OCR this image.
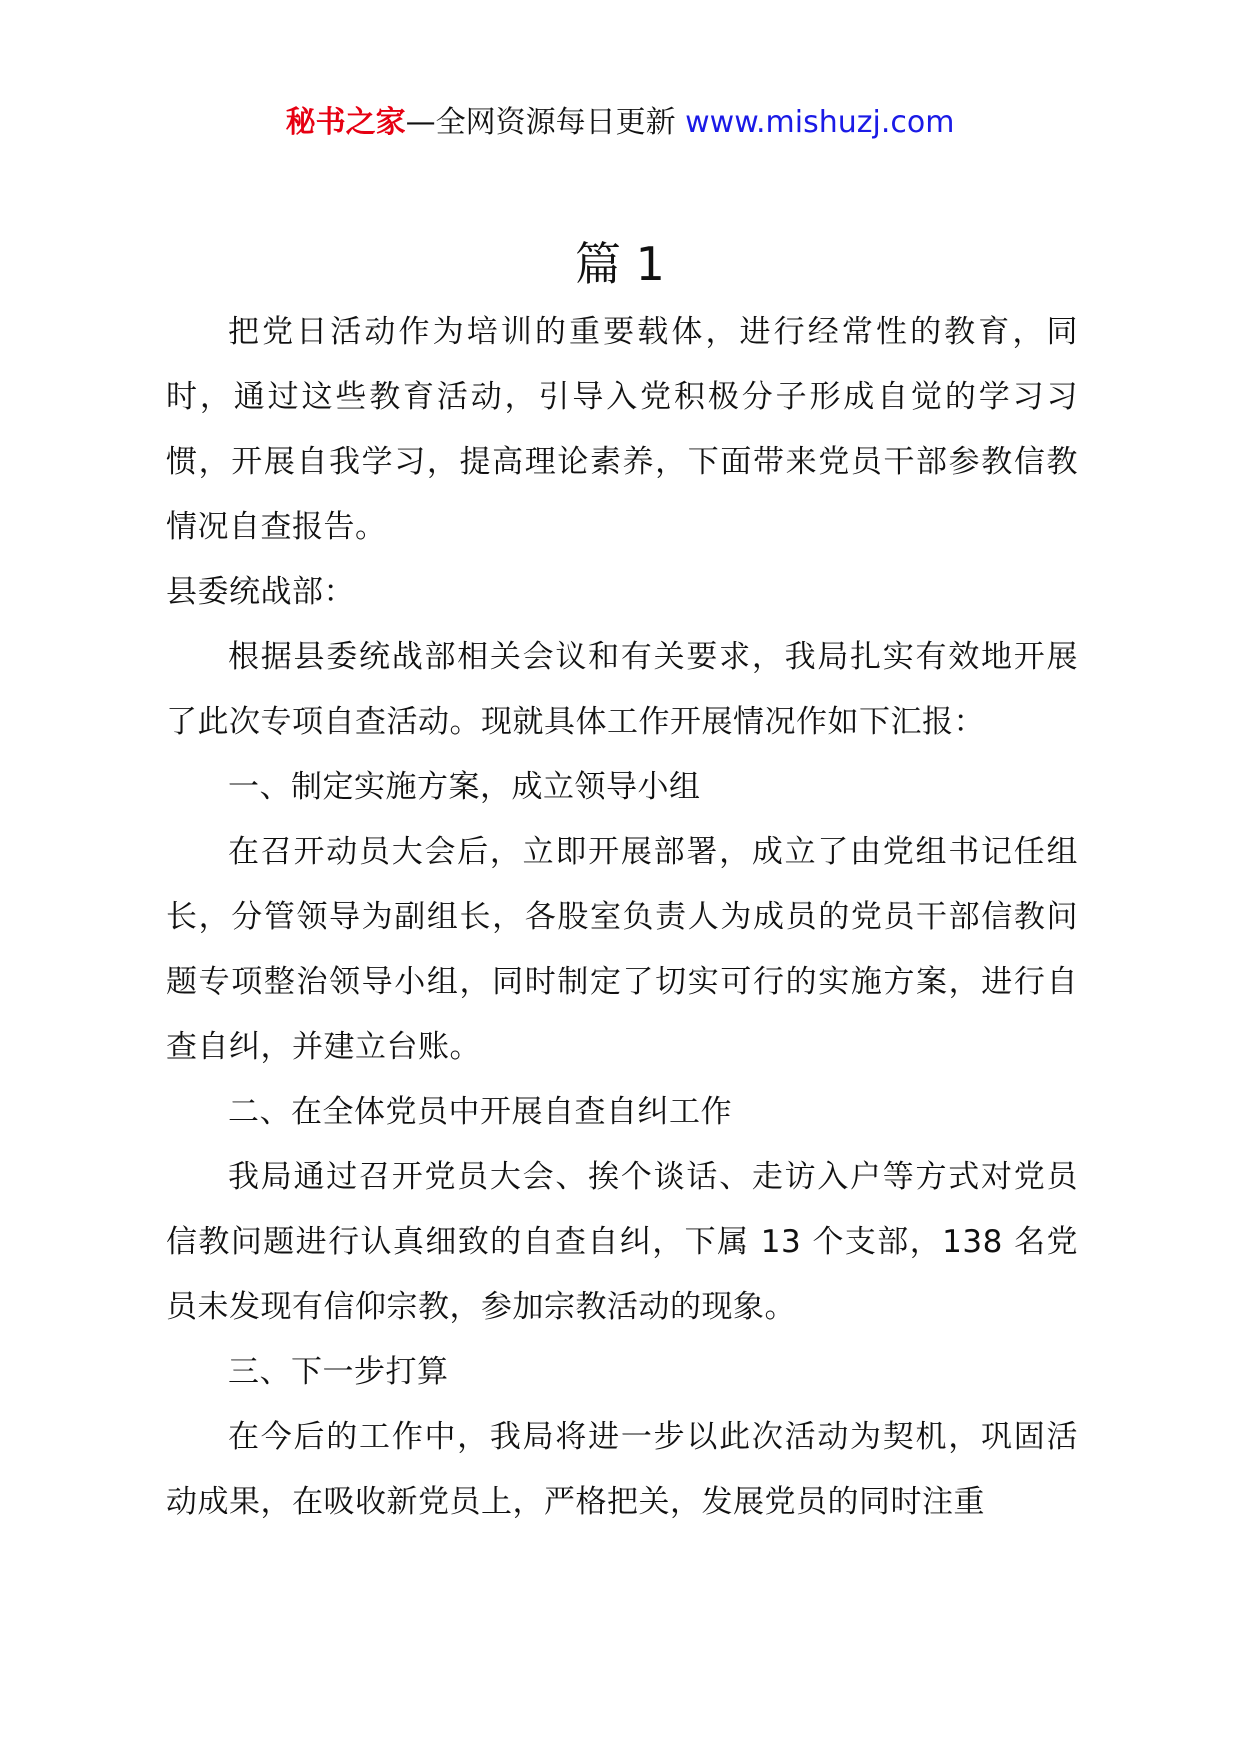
秘书之家—全网资源每日更新 www.mishuzj.com
篇 1

把党日活动作为培训的重要载体，进行经常性的教育，同时，通过这些教育活动，引导入党积极分子形成自觉的学习习惯，开展自我学习，提高理论素养，下面带来党员干部参教信教情况自查报告。

县委统战部：

根据县委统战部相关会议和有关要求，我局扎实有效地开展了此次专项自查活动。现就具体工作开展情况作如下汇报：

一、制定实施方案，成立领导小组

在召开动员大会后，立即开展部署，成立了由党组书记任组长，分管领导为副组长，各股室负责人为成员的党员干部信教问题专项整治领导小组，同时制定了切实可行的实施方案，进行自查自纠，并建立台账。

二、在全体党员中开展自查自纠工作

我局通过召开党员大会、挨个谈话、走访入户等方式对党员信教问题进行认真细致的自查自纠，下属 13 个支部，138 名党员未发现有信仰宗教，参加宗教活动的现象。

三、下一步打算

在今后的工作中，我局将进一步以此次活动为契机，巩固活动成果，在吸收新党员上，严格把关，发展党员的同时注重
